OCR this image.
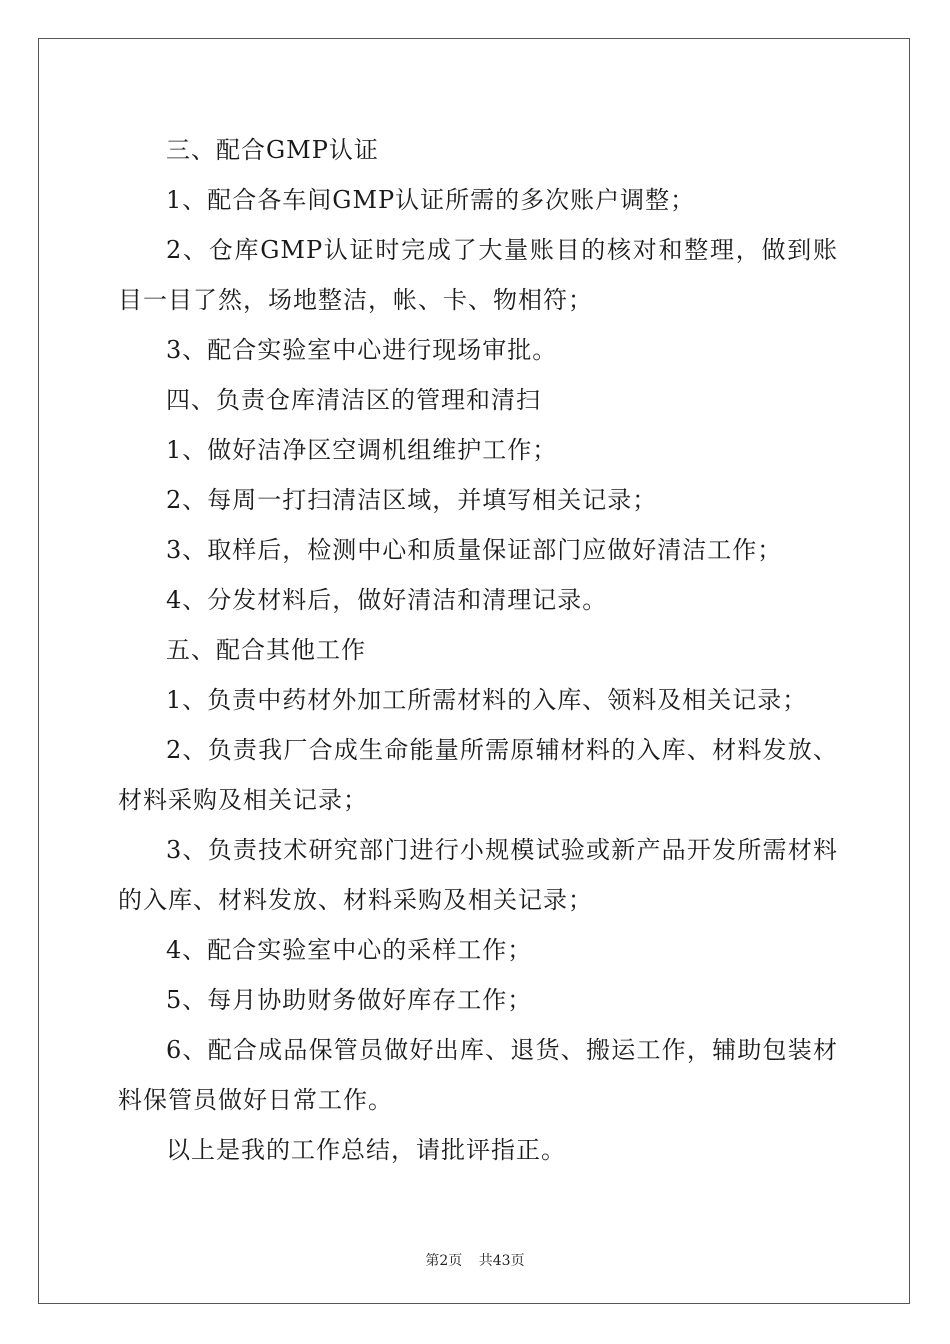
三、配合GMP认证

1、配合各车间GMP认证所需的多次账户调整；

2、仓库GMP认证时完成了大量账目的核对和整理，做到账目一目了然，场地整洁，帐、卡、物相符；

3、配合实验室中心进行现场审批。

四、负责仓库清洁区的管理和清扫

1、做好洁净区空调机组维护工作；

2、每周一打扫清洁区域，并填写相关记录；

3、取样后，检测中心和质量保证部门应做好清洁工作；

4、分发材料后，做好清洁和清理记录。

五、配合其他工作

1、负责中药材外加工所需材料的入库、领料及相关记录；

2、负责我厂合成生命能量所需原辅材料的入库、材料发放、材料采购及相关记录；

3、负责技术研究部门进行小规模试验或新产品开发所需材料的入库、材料发放、材料采购及相关记录；

4、配合实验室中心的采样工作；

5、每月协助财务做好库存工作；

6、配合成品保管员做好出库、退货、搬运工作，辅助包装材料保管员做好日常工作。

以上是我的工作总结，请批评指正。

第2页 共43页
